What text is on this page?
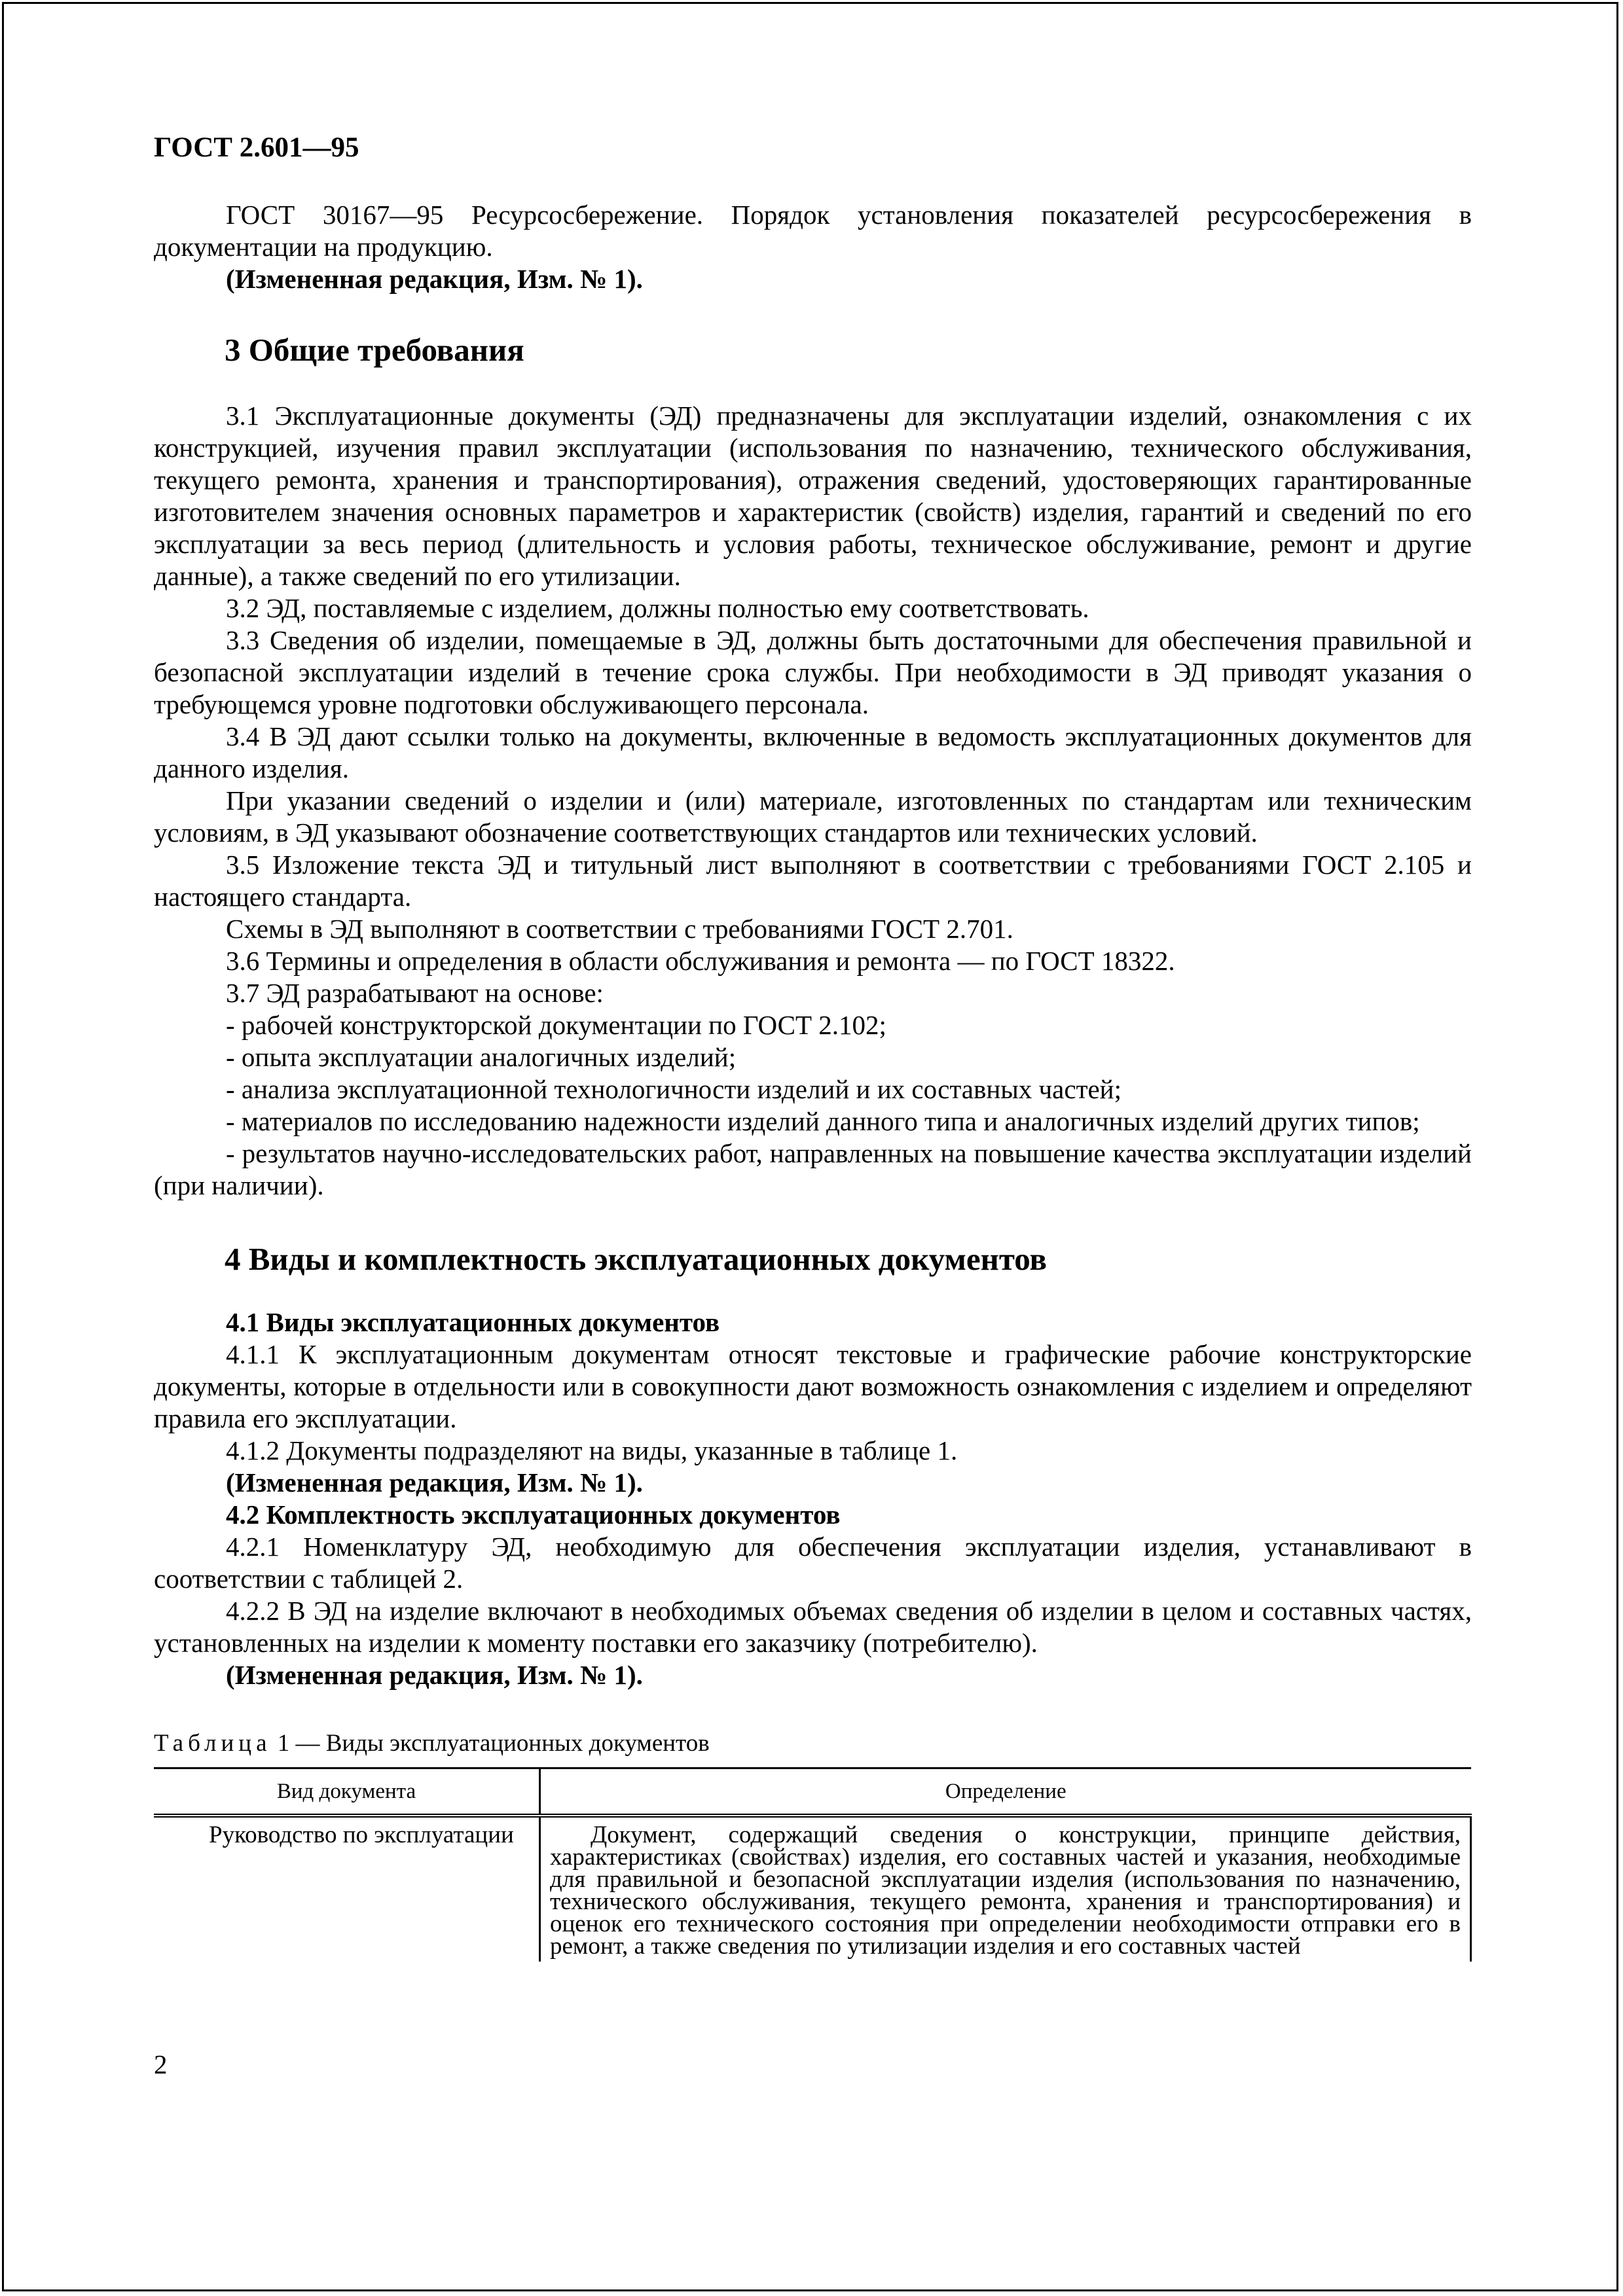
ГОСТ 2.601—95

ГОСТ 30167—95 Ресурсосбережение. Порядок установления показателей ресурсосбережения в документации на продукцию.

(Измененная редакция, Изм. № 1).

3 Общие требования

3.1 Эксплуатационные документы (ЭД) предназначены для эксплуатации изделий, ознакомления с их конструкцией, изучения правил эксплуатации (использования по назначению, технического обслуживания, текущего ремонта, хранения и транспортирования), отражения сведений, удостоверяющих гарантированные изготовителем значения основных параметров и характеристик (свойств) изделия, гарантий и сведений по его эксплуатации за весь период (длительность и условия работы, техническое обслуживание, ремонт и другие данные), а также сведений по его утилизации.

3.2 ЭД, поставляемые с изделием, должны полностью ему соответствовать.

3.3 Сведения об изделии, помещаемые в ЭД, должны быть достаточными для обеспечения правильной и безопасной эксплуатации изделий в течение срока службы. При необходимости в ЭД приводят указания о требующемся уровне подготовки обслуживающего персонала.

3.4 В ЭД дают ссылки только на документы, включенные в ведомость эксплуатационных документов для данного изделия.

При указании сведений о изделии и (или) материале, изготовленных по стандартам или техническим условиям, в ЭД указывают обозначение соответствующих стандартов или технических условий.

3.5 Изложение текста ЭД и титульный лист выполняют в соответствии с требованиями ГОСТ 2.105 и настоящего стандарта.

Схемы в ЭД выполняют в соответствии с требованиями ГОСТ 2.701.

3.6 Термины и определения в области обслуживания и ремонта — по ГОСТ 18322.

3.7 ЭД разрабатывают на основе:

- рабочей конструкторской документации по ГОСТ 2.102;

- опыта эксплуатации аналогичных изделий;

- анализа эксплуатационной технологичности изделий и их составных частей;

- материалов по исследованию надежности изделий данного типа и аналогичных изделий других типов;

- результатов научно-исследовательских работ, направленных на повышение качества эксплуатации изделий (при наличии).

4 Виды и комплектность эксплуатационных документов

4.1 Виды эксплуатационных документов

4.1.1 К эксплуатационным документам относят текстовые и графические рабочие конструкторские документы, которые в отдельности или в совокупности дают возможность ознакомления с изделием и определяют правила его эксплуатации.

4.1.2 Документы подразделяют на виды, указанные в таблице 1.

(Измененная редакция, Изм. № 1).

4.2 Комплектность эксплуатационных документов

4.2.1 Номенклатуру ЭД, необходимую для обеспечения эксплуатации изделия, устанавливают в соответствии с таблицей 2.

4.2.2 В ЭД на изделие включают в необходимых объемах сведения об изделии в целом и составных частях, установленных на изделии к моменту поставки его заказчику (потребителю).

(Измененная редакция, Изм. № 1).

Таблица 1 — Виды эксплуатационных документов
Вид документа	Определение
Руководство по эксплуатации	Документ, содержащий сведения о конструкции, принципе действия, характеристиках (свойствах) изделия, его составных частей и указания, необходимые для правильной и безопасной эксплуатации изделия (использования по назначению, технического обслуживания, текущего ремонта, хранения и транспортирования) и оценок его технического состояния при определении необходимости отправки его в ремонт, а также сведения по утилизации изделия и его составных частей
2
